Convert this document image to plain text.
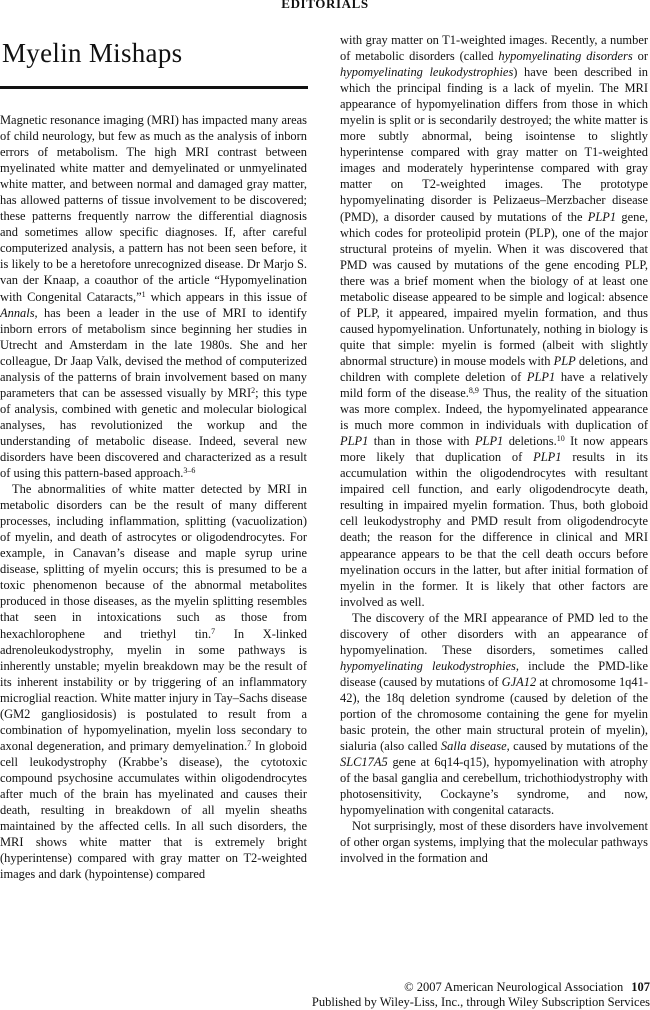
EDITORIALS
Myelin Mishaps

Magnetic resonance imaging (MRI) has impacted many areas of child neurology, but few as much as the analysis of inborn errors of metabolism. The high MRI contrast between myelinated white matter and demyelinated or unmyelinated white matter, and between normal and damaged gray matter, has allowed patterns of tissue involvement to be discovered; these patterns frequently narrow the differential diagnosis and sometimes allow specific diagnoses. If, after careful computerized analysis, a pattern has not been seen before, it is likely to be a heretofore unrecognized disease. Dr Marjo S. van der Knaap, a coauthor of the article “Hypomyelination with Congenital Cataracts,”$^1$ which appears in this issue of Annals, has been a leader in the use of MRI to identify inborn errors of metabolism since beginning her studies in Utrecht and Amsterdam in the late 1980s. She and her colleague, Dr Jaap Valk, devised the method of computerized analysis of the patterns of brain involvement based on many parameters that can be assessed visually by MRI$^2$; this type of analysis, combined with genetic and molecular biological analyses, has revolutionized the workup and the understanding of metabolic disease. Indeed, several new disorders have been discovered and characterized as a result of using this pattern-based approach.$^{3-6}$

The abnormalities of white matter detected by MRI in metabolic disorders can be the result of many different processes, including inflammation, splitting (vacuolization) of myelin, and death of astrocytes or oligodendrocytes. For example, in Canavan’s disease and maple syrup urine disease, splitting of myelin occurs; this is presumed to be a toxic phenomenon because of the abnormal metabolites produced in those diseases, as the myelin splitting resembles that seen in intoxications such as those from hexachlorophene and triethyl tin.$^7$ In X-linked adrenoleukodystrophy, myelin in some pathways is inherently unstable; myelin breakdown may be the result of its inherent instability or by triggering of an inflammatory microglial reaction. White matter injury in Tay–Sachs disease (GM2 gangliosidosis) is postulated to result from a combination of hypomyelination, myelin loss secondary to axonal degeneration, and primary demyelination.$^7$ In globoid cell leukodystrophy (Krabbe’s disease), the cytotoxic compound psychosine accumulates within oligodendrocytes after much of the brain has myelinated and causes their death, resulting in breakdown of all myelin sheaths maintained by the affected cells. In all such disorders, the MRI shows white matter that is extremely bright (hyperintense) compared with gray matter on T2-weighted images and dark (hypointense) compared

with gray matter on T1-weighted images. Recently, a number of metabolic disorders (called hypomyelinating disorders or hypomyelinating leukodystrophies) have been described in which the principal finding is a lack of myelin. The MRI appearance of hypomyelination differs from those in which myelin is split or is secondarily destroyed; the white matter is more subtly abnormal, being isointense to slightly hyperintense compared with gray matter on T1-weighted images and moderately hyperintense compared with gray matter on T2-weighted images. The prototype hypomyelinating disorder is Pelizaeus–Merzbacher disease (PMD), a disorder caused by mutations of the PLP1 gene, which codes for proteolipid protein (PLP), one of the major structural proteins of myelin. When it was discovered that PMD was caused by mutations of the gene encoding PLP, there was a brief moment when the biology of at least one metabolic disease appeared to be simple and logical: absence of PLP, it appeared, impaired myelin formation, and thus caused hypomyelination. Unfortunately, nothing in biology is quite that simple: myelin is formed (albeit with slightly abnormal structure) in mouse models with PLP deletions, and children with complete deletion of PLP1 have a relatively mild form of the disease.$^{8,9}$ Thus, the reality of the situation was more complex. Indeed, the hypomyelinated appearance is much more common in individuals with duplication of PLP1 than in those with PLP1 deletions.$^{10}$ It now appears more likely that duplication of PLP1 results in its accumulation within the oligodendrocytes with resultant impaired cell function, and early oligodendrocyte death, resulting in impaired myelin formation. Thus, both globoid cell leukodystrophy and PMD result from oligodendrocyte death; the reason for the difference in clinical and MRI appearance appears to be that the cell death occurs before myelination occurs in the latter, but after initial formation of myelin in the former. It is likely that other factors are involved as well.

The discovery of the MRI appearance of PMD led to the discovery of other disorders with an appearance of hypomyelination. These disorders, sometimes called hypomyelinating leukodystrophies, include the PMD-like disease (caused by mutations of GJA12 at chromosome 1q41-42), the 18q deletion syndrome (caused by deletion of the portion of the chromosome containing the gene for myelin basic protein, the other main structural protein of myelin), sialuria (also called Salla disease, caused by mutations of the SLC17A5 gene at 6q14-q15), hypomyelination with atrophy of the basal ganglia and cerebellum, trichothiodystrophy with photosensitivity, Cockayne’s syndrome, and now, hypomyelination with congenital cataracts.

Not surprisingly, most of these disorders have involvement of other organ systems, implying that the molecular pathways involved in the formation and

© 2007 American Neurological Association 107
Published by Wiley-Liss, Inc., through Wiley Subscription Services
